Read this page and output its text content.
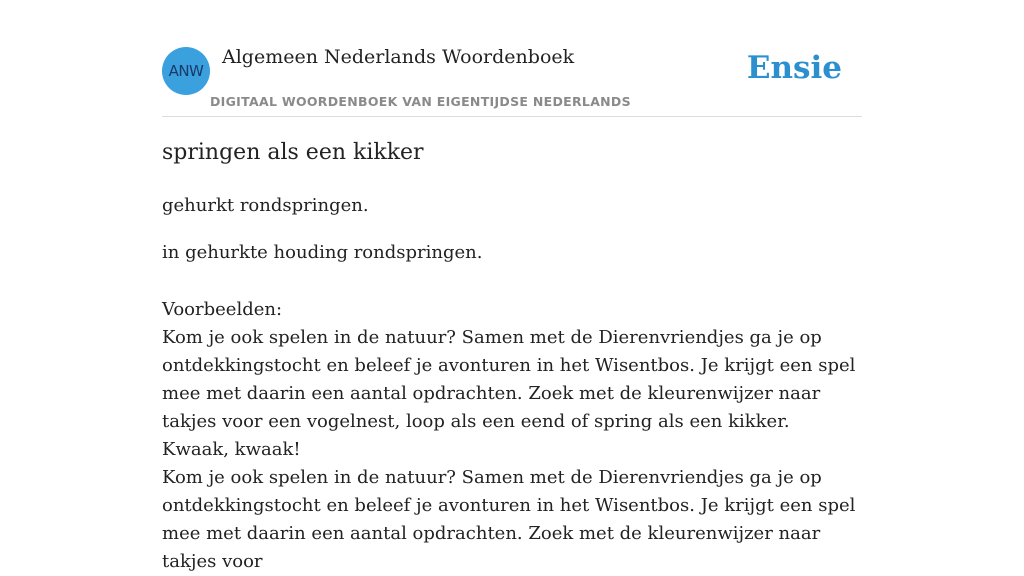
ANW
Algemeen Nederlands Woordenboek
DIGITAAL WOORDENBOEK VAN EIGENTIJDSE NEDERLANDS
Ensie
springen als een kikker
gehurkt rondspringen.
in gehurkte houding rondspringen.

Voorbeelden:

Kom je ook spelen in de natuur? Samen met de Dierenvriendjes ga je op ontdekkingstocht en beleef je avonturen in het Wisentbos. Je krijgt een spel mee met daarin een aantal opdrachten. Zoek met de kleurenwijzer naar takjes voor een vogelnest, loop als een eend of spring als een kikker. Kwaak, kwaak!

Kom je ook spelen in de natuur? Samen met de Dierenvriendjes ga je op ontdekkingstocht en beleef je avonturen in het Wisentbos. Je krijgt een spel mee met daarin een aantal opdrachten. Zoek met de kleurenwijzer naar takjes voor
